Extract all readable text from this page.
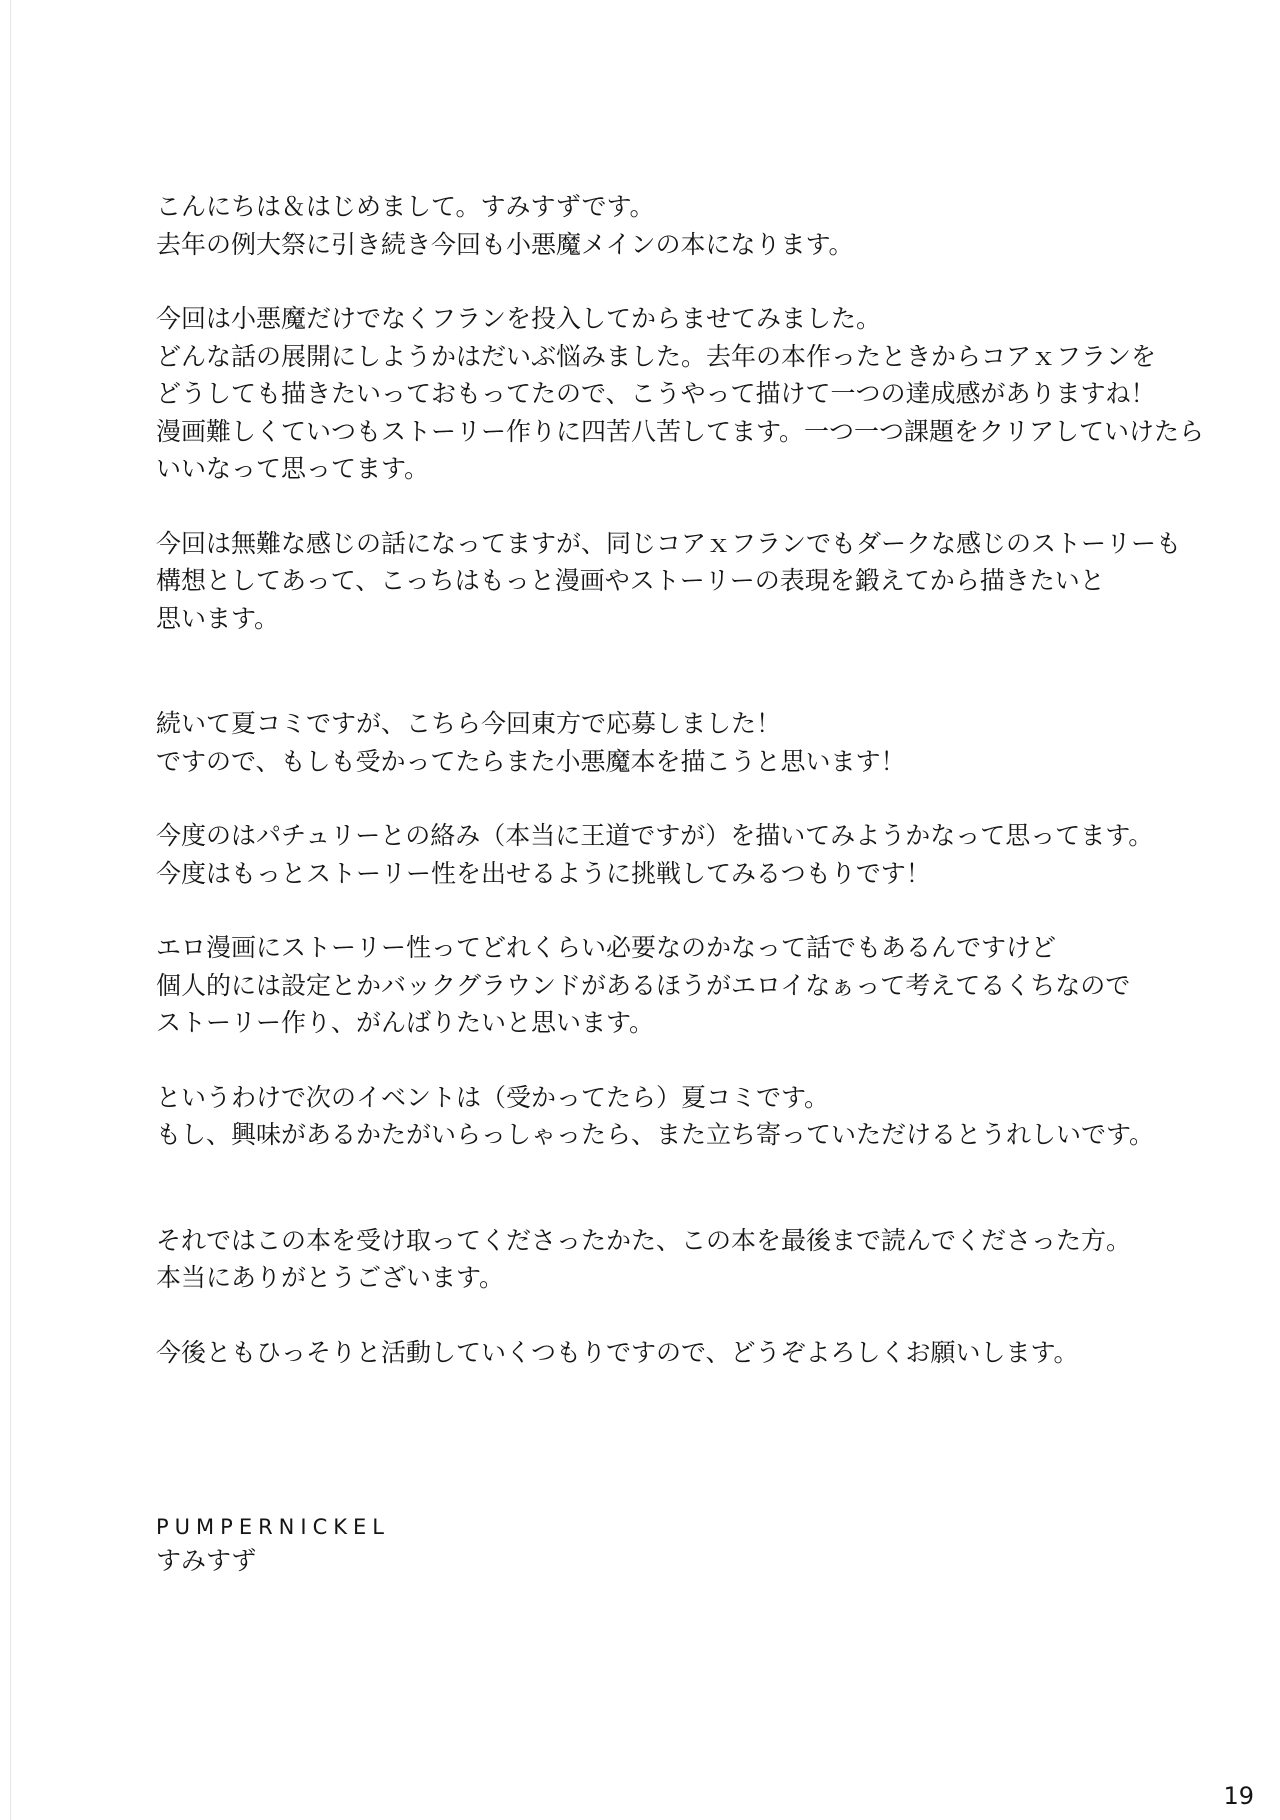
こんにちは＆はじめまして。すみすずです。
去年の例大祭に引き続き今回も小悪魔メインの本になります。

今回は小悪魔だけでなくフランを投入してからませてみました。
どんな話の展開にしようかはだいぶ悩みました。去年の本作ったときからコアｘフランを
どうしても描きたいっておもってたので、こうやって描けて一つの達成感がありますね！
漫画難しくていつもストーリー作りに四苦八苦してます。一つ一つ課題をクリアしていけたら
いいなって思ってます。

今回は無難な感じの話になってますが、同じコアｘフランでもダークな感じのストーリーも
構想としてあって、こっちはもっと漫画やストーリーの表現を鍛えてから描きたいと
思います。

続いて夏コミですが、こちら今回東方で応募しました！
ですので、もしも受かってたらまた小悪魔本を描こうと思います！

今度のはパチュリーとの絡み（本当に王道ですが）を描いてみようかなって思ってます。
今度はもっとストーリー性を出せるように挑戦してみるつもりです！

エロ漫画にストーリー性ってどれくらい必要なのかなって話でもあるんですけど
個人的には設定とかバックグラウンドがあるほうがエロイなぁって考えてるくちなので
ストーリー作り、がんばりたいと思います。

というわけで次のイベントは（受かってたら）夏コミです。
もし、興味があるかたがいらっしゃったら、また立ち寄っていただけるとうれしいです。

それではこの本を受け取ってくださったかた、この本を最後まで読んでくださった方。
本当にありがとうございます。

今後ともひっそりと活動していくつもりですので、どうぞよろしくお願いします。

PUMPERNICKEL
すみすず
19
